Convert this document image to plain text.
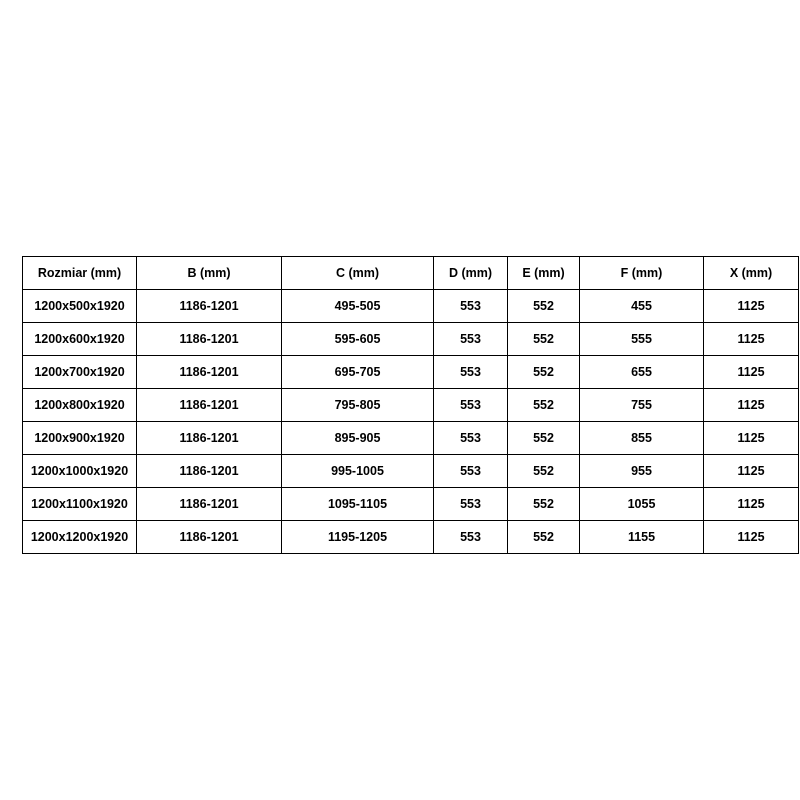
Rozmiar (mm)	B (mm)	C (mm)	D (mm)	E (mm)	F (mm)	X (mm)
1200x500x1920	1186-1201	495-505	553	552	455	1125
1200x600x1920	1186-1201	595-605	553	552	555	1125
1200x700x1920	1186-1201	695-705	553	552	655	1125
1200x800x1920	1186-1201	795-805	553	552	755	1125
1200x900x1920	1186-1201	895-905	553	552	855	1125
1200x1000x1920	1186-1201	995-1005	553	552	955	1125
1200x1100x1920	1186-1201	1095-1105	553	552	1055	1125
1200x1200x1920	1186-1201	1195-1205	553	552	1155	1125
